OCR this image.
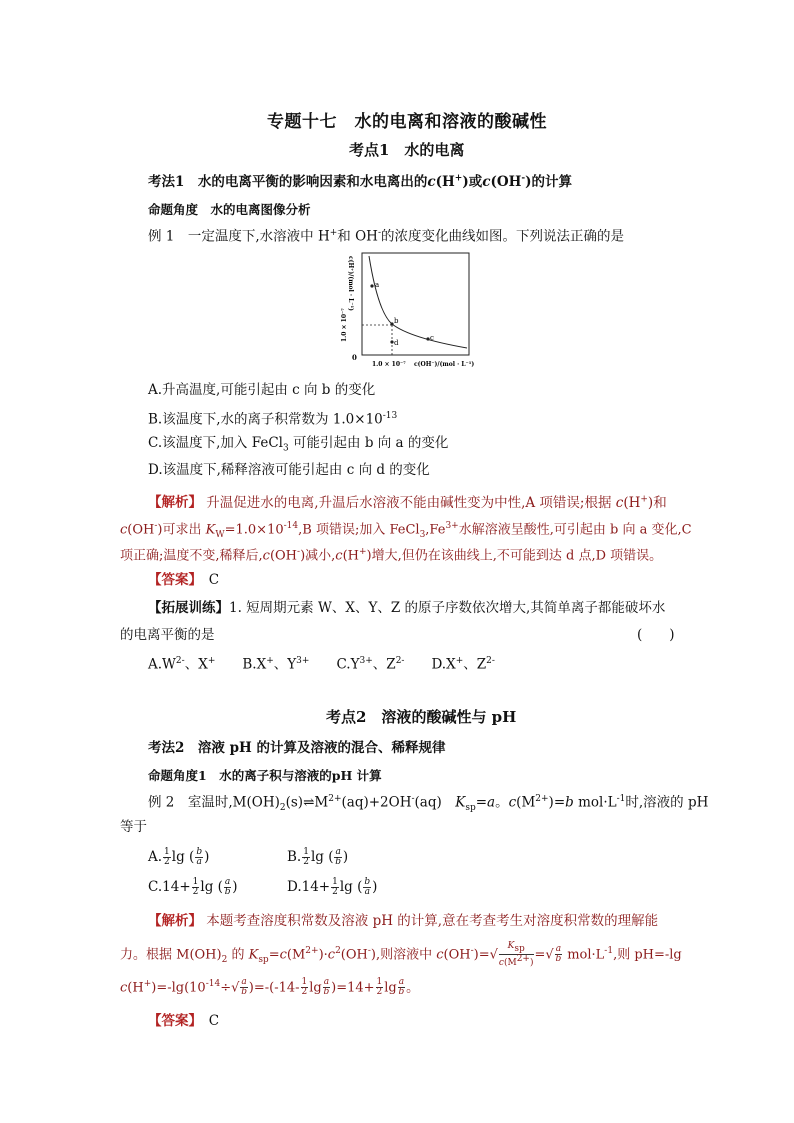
专题十七　水的电离和溶液的酸碱性
考点1　水的电离
考法1　水的电离平衡的影响因素和水电离出的c(H+)或c(OH-)的计算
命题角度　水的电离图像分析
例 1　一定温度下,水溶液中 H+和 OH-的浓度变化曲线如图。下列说法正确的是
a
b
c
d
c(H⁺)/(mol · L⁻¹)
1.0 × 10⁻⁷
0
1.0 × 10⁻⁷ c(OH⁻)/(mol · L⁻¹)
A.升高温度,可能引起由 c 向 b 的变化
B.该温度下,水的离子积常数为 $1.0\times 10^{-13}$
C.该温度下,加入 FeCl$_3$ 可能引起由 b 向 a 的变化
D.该温度下,稀释溶液可能引起由 c 向 d 的变化
【解析】 升温促进水的电离,升温后水溶液不能由碱性变为中性,A 项错误;根据 c(H+)和
c(OH-)可求出 $K_W=1.0\times 10^{-14},B$ 项错误;加入 $FeCl_3,Fe^{3+}$水解溶液呈酸性,可引起由 b 向 a 变化,C
项正确;温度不变,稀释后,c(OH-)减小,c(H+)增大,但仍在该曲线上,不可能到达 d 点,D 项错误。
【答案】　 C
【拓展训练】1. 短周期元素 W、X、Y、Z 的原子序数依次增大,其简单离子都能破坏水
的电离平衡的是	(　　)
$A.W^{2-}$、X+　　B.X+、$Y^{3+}$　　$C.Y^{3+}$、$Z^{2-}$　　D.X+、$Z^{2-}$
考点2　溶液的酸碱性与 pH
考法2　溶液 pH 的计算及溶液的混合、稀释规律
命题角度1　水的离子积与溶液的pH 计算
例 2　室温时$,M(OH)_2(s)\rightleftharpoons M^{2+}(aq)+2OH^-(aq)$　$K_{sp}=a$。$c(M^{2+})=b$ $mol\cdot L^{-1}$时,溶液的 pH
等于
A. $\frac{1}{2}$ lg ( $\frac{b}{a}$ )	B. $\frac{1}{2}$ lg ( $\frac{a}{b}$ )
$C.14+ \frac{1}{2}$ lg ( $\frac{a}{b}$ )	$D.14+ \frac{1}{2}$ lg ( $\frac{b}{a}$ )
【解析】 本题考查溶度积常数及溶液 pH 的计算,意在考查考生对溶度积常数的理解能
力。根据 $M(OH)_2$ 的 $K_{sp}=c(M^{2+})\cdot c^2(OH^-)$,则溶液中 $c(OH^-)=√ \frac{K_{sp}}{c(M^{2+})}$ =√ $\frac{a}{b} mol\cdot L^{-1}$,则 pH=-lg
$c(H^+)=-\lg(10^{-14}\div√ \frac{a}{b} )=-(-14- \frac{1}{2}$ $\lg \frac{a}{b} )=14+ \frac{1}{2}$ $\lg \frac{a}{b}$ 。
【答案】　 C
